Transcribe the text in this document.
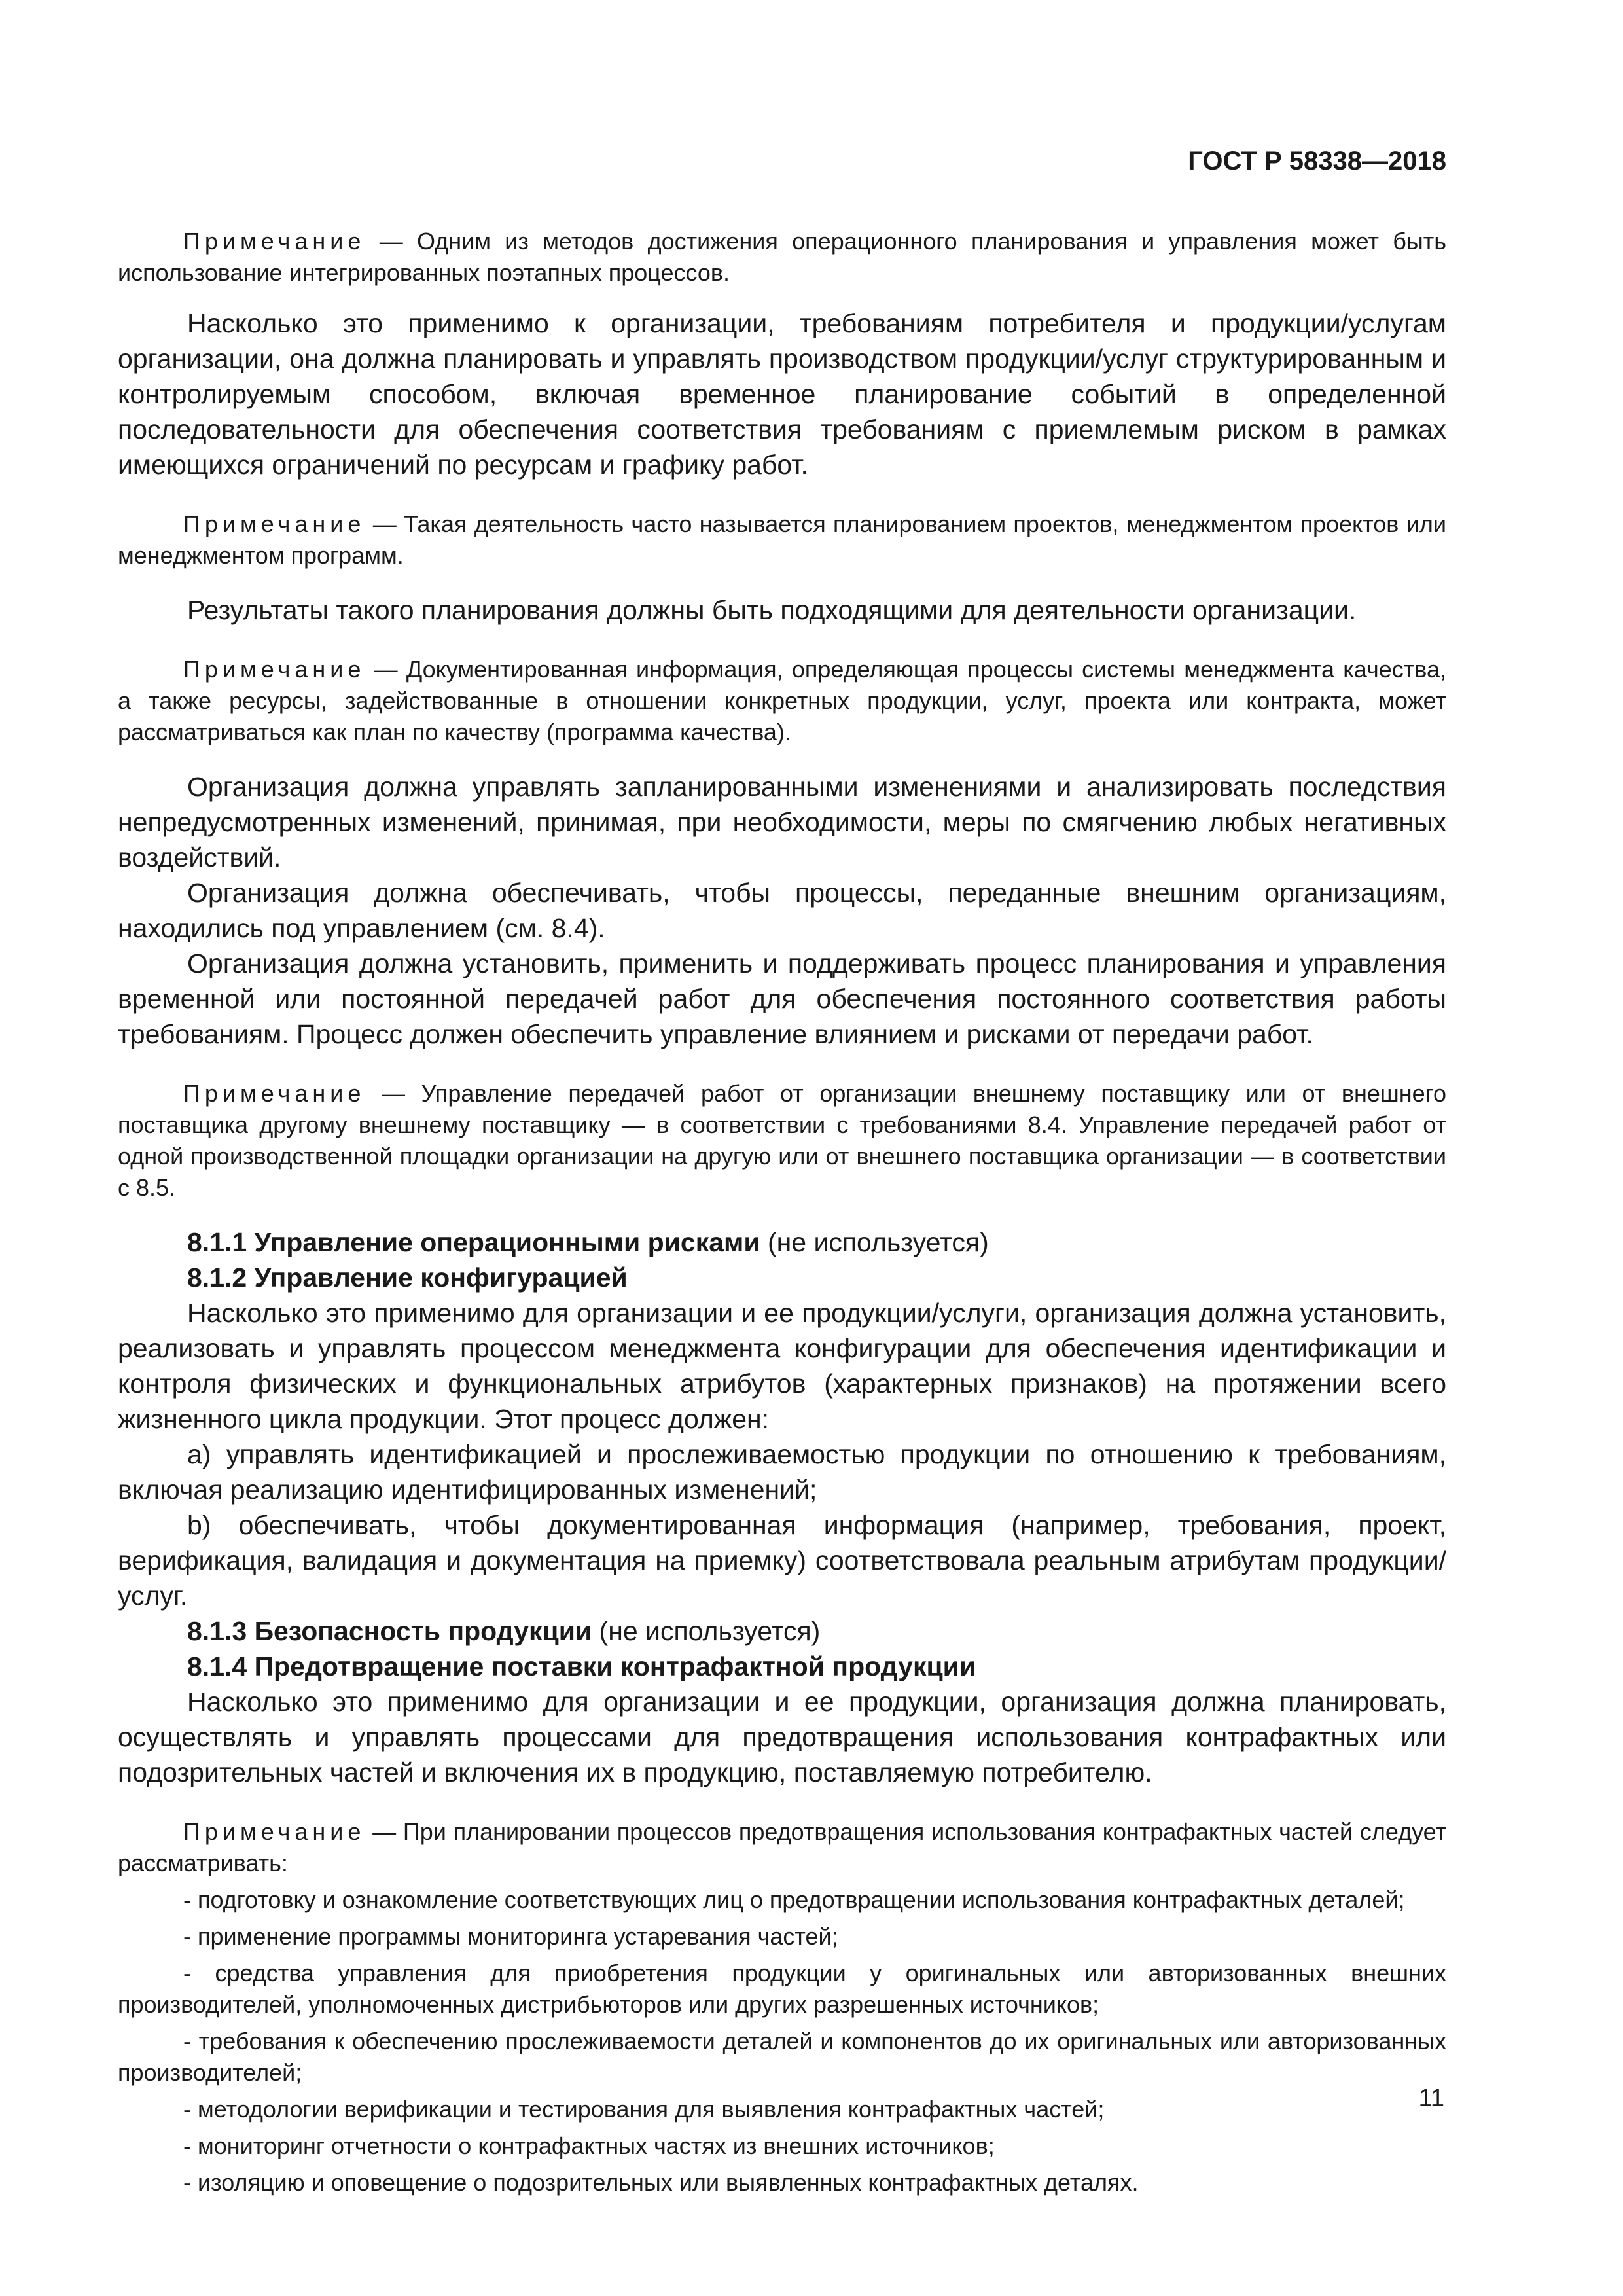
ГОСТ Р 58338—2018
Примечание — Одним из методов достижения операционного планирования и управления может быть использование интегрированных поэтапных процессов.

Насколько это применимо к организации, требованиям потребителя и продукции/услугам организации, она должна планировать и управлять производством продукции/услуг структурированным и контролируемым способом, включая временное планирование событий в определенной последовательности для обеспечения соответствия требованиям с приемлемым риском в рамках имеющихся ограничений по ресурсам и графику работ.

Примечание — Такая деятельность часто называется планированием проектов, менеджментом проектов или менеджментом программ.

Результаты такого планирования должны быть подходящими для деятельности организации.

Примечание — Документированная информация, определяющая процессы системы менеджмента качества, а также ресурсы, задействованные в отношении конкретных продукции, услуг, проекта или контракта, может рассматриваться как план по качеству (программа качества).

Организация должна управлять запланированными изменениями и анализировать последствия непредусмотренных изменений, принимая, при необходимости, меры по смягчению любых негативных воздействий.

Организация должна обеспечивать, чтобы процессы, переданные внешним организациям, находились под управлением (см. 8.4).

Организация должна установить, применить и поддерживать процесс планирования и управления временной или постоянной передачей работ для обеспечения постоянного соответствия работы требованиям. Процесс должен обеспечить управление влиянием и рисками от передачи работ.

Примечание — Управление передачей работ от организации внешнему поставщику или от внешнего поставщика другому внешнему поставщику — в соответствии с требованиями 8.4. Управление передачей работ от одной производственной площадки организации на другую или от внешнего поставщика организации — в соответствии с 8.5.

8.1.1 Управление операционными рисками (не используется)

8.1.2 Управление конфигурацией

Насколько это применимо для организации и ее продукции/услуги, организация должна установить, реализовать и управлять процессом менеджмента конфигурации для обеспечения идентификации и контроля физических и функциональных атрибутов (характерных признаков) на протяжении всего жизненного цикла продукции. Этот процесс должен:

a) управлять идентификацией и прослеживаемостью продукции по отношению к требованиям, включая реализацию идентифицированных изменений;

b) обеспечивать, чтобы документированная информация (например, требования, проект, верификация, валидация и документация на приемку) соответствовала реальным атрибутам продукции/услуг.

8.1.3 Безопасность продукции (не используется)

8.1.4 Предотвращение поставки контрафактной продукции

Насколько это применимо для организации и ее продукции, организация должна планировать, осуществлять и управлять процессами для предотвращения использования контрафактных или подозрительных частей и включения их в продукцию, поставляемую потребителю.

Примечание — При планировании процессов предотвращения использования контрафактных частей следует рассматривать:
- подготовку и ознакомление соответствующих лиц о предотвращении использования контрафактных деталей;
- применение программы мониторинга устаревания частей;
- средства управления для приобретения продукции у оригинальных или авторизованных внешних производителей, уполномоченных дистрибьюторов или других разрешенных источников;
- требования к обеспечению прослеживаемости деталей и компонентов до их оригинальных или авторизованных производителей;
- методологии верификации и тестирования для выявления контрафактных частей;
- мониторинг отчетности о контрафактных частях из внешних источников;
- изоляцию и оповещение о подозрительных или выявленных контрафактных деталях.
11
